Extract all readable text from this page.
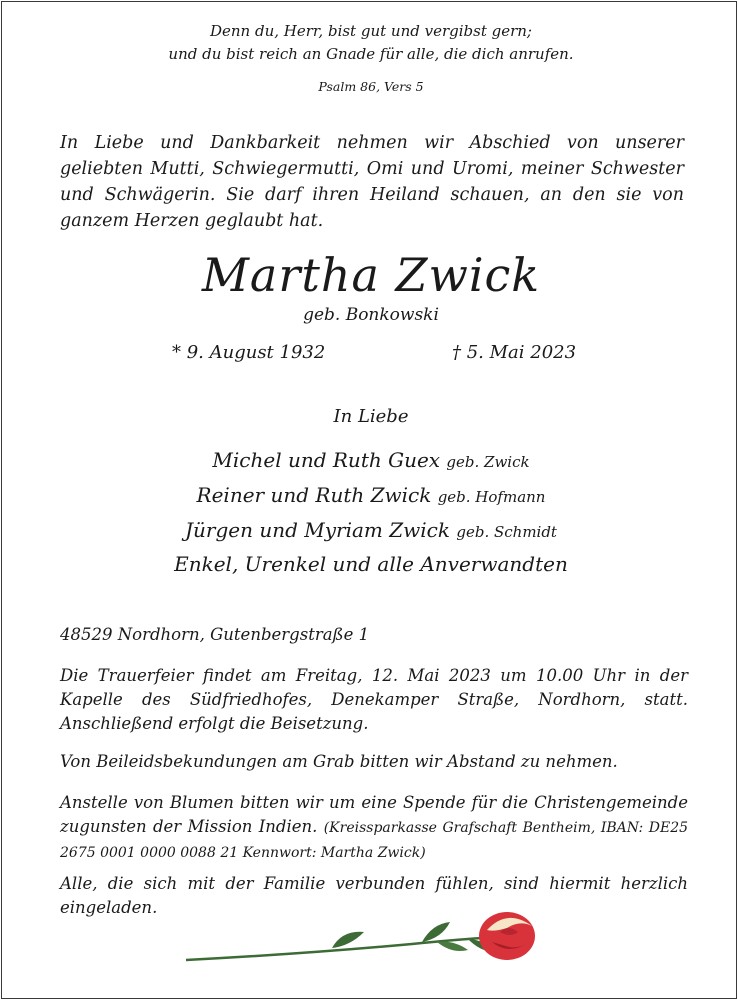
Denn du, Herr, bist gut und vergibst gern;
und du bist reich an Gnade für alle, die dich anrufen.
Psalm 86, Vers 5
In Liebe und Dankbarkeit nehmen wir Abschied von unserer geliebten Mutti, Schwiegermutti, Omi und Uromi, meiner Schwester und Schwägerin. Sie darf ihren Heiland schauen, an den sie von ganzem Herzen geglaubt hat.
Martha Zwick
geb. Bonkowski
* 9. August 1932	† 5. Mai 2023
In Liebe
Michel und Ruth Guex geb. Zwick
Reiner und Ruth Zwick geb. Hofmann
Jürgen und Myriam Zwick geb. Schmidt
Enkel, Urenkel und alle Anverwandten
48529 Nordhorn, Gutenbergstraße 1
Die Trauerfeier findet am Freitag, 12. Mai 2023 um 10.00 Uhr in der Kapelle des Südfriedhofes, Denekamper Straße, Nordhorn, statt. Anschließend erfolgt die Beisetzung.
Von Beileidsbekundungen am Grab bitten wir Abstand zu nehmen.
Anstelle von Blumen bitten wir um eine Spende für die Christengemeinde zugunsten der Mission Indien. (Kreissparkasse Grafschaft Bentheim, IBAN: DE25 2675 0001 0000 0088 21 Kennwort: Martha Zwick)
Alle, die sich mit der Familie verbunden fühlen, sind hiermit herzlich eingeladen.
